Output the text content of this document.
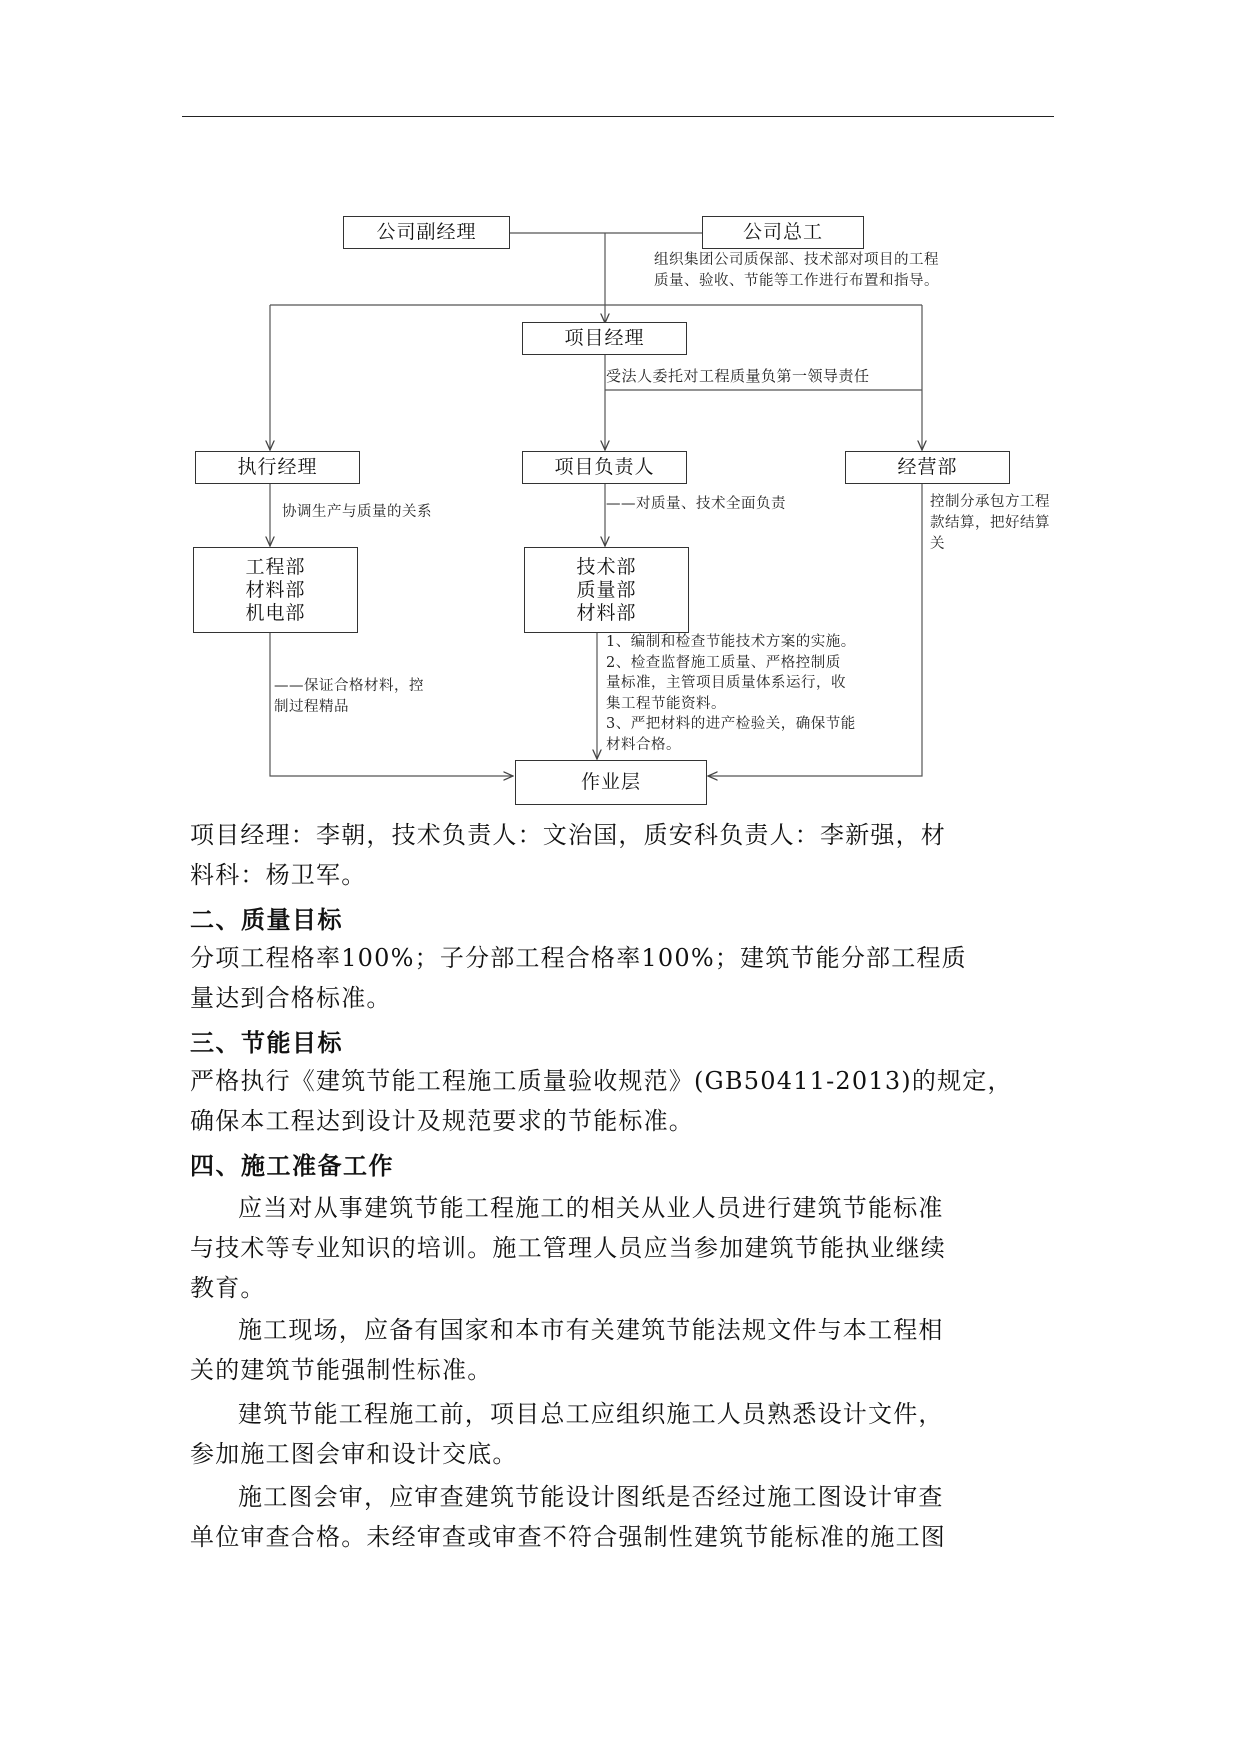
公司副经理	公司总工
项目经理
执行经理	项目负责人	经营部
工程部
材料部
机电部
技术部
质量部
材料部
作业层
组织集团公司质保部、技术部对项目的工程
质量、验收、节能等工作进行布置和指导。
受法人委托对工程质量负第一领导责任
协调生产与质量的关系	——对质量、技术全面负责	控制分承包方工程
款结算，把好结算
关
——保证合格材料，控
制过程精品
1、编制和检查节能技术方案的实施。
2、检查监督施工质量、严格控制质
量标准，主管项目质量体系运行，收
集工程节能资料。
3、严把材料的进产检验关，确保节能
材料合格。
项目经理：李朝，技术负责人：文治国，质安科负责人：李新强，材
料科：杨卫军。
二、质量目标
分项工程格率100%；子分部工程合格率100%；建筑节能分部工程质
量达到合格标准。
三、节能目标
严格执行《建筑节能工程施工质量验收规范》(GB50411-2013)的规定，
确保本工程达到设计及规范要求的节能标准。
四、施工准备工作
应当对从事建筑节能工程施工的相关从业人员进行建筑节能标准
与技术等专业知识的培训。施工管理人员应当参加建筑节能执业继续
教育。
施工现场，应备有国家和本市有关建筑节能法规文件与本工程相
关的建筑节能强制性标准。
建筑节能工程施工前，项目总工应组织施工人员熟悉设计文件，
参加施工图会审和设计交底。
施工图会审，应审查建筑节能设计图纸是否经过施工图设计审查
单位审查合格。未经审查或审查不符合强制性建筑节能标准的施工图
